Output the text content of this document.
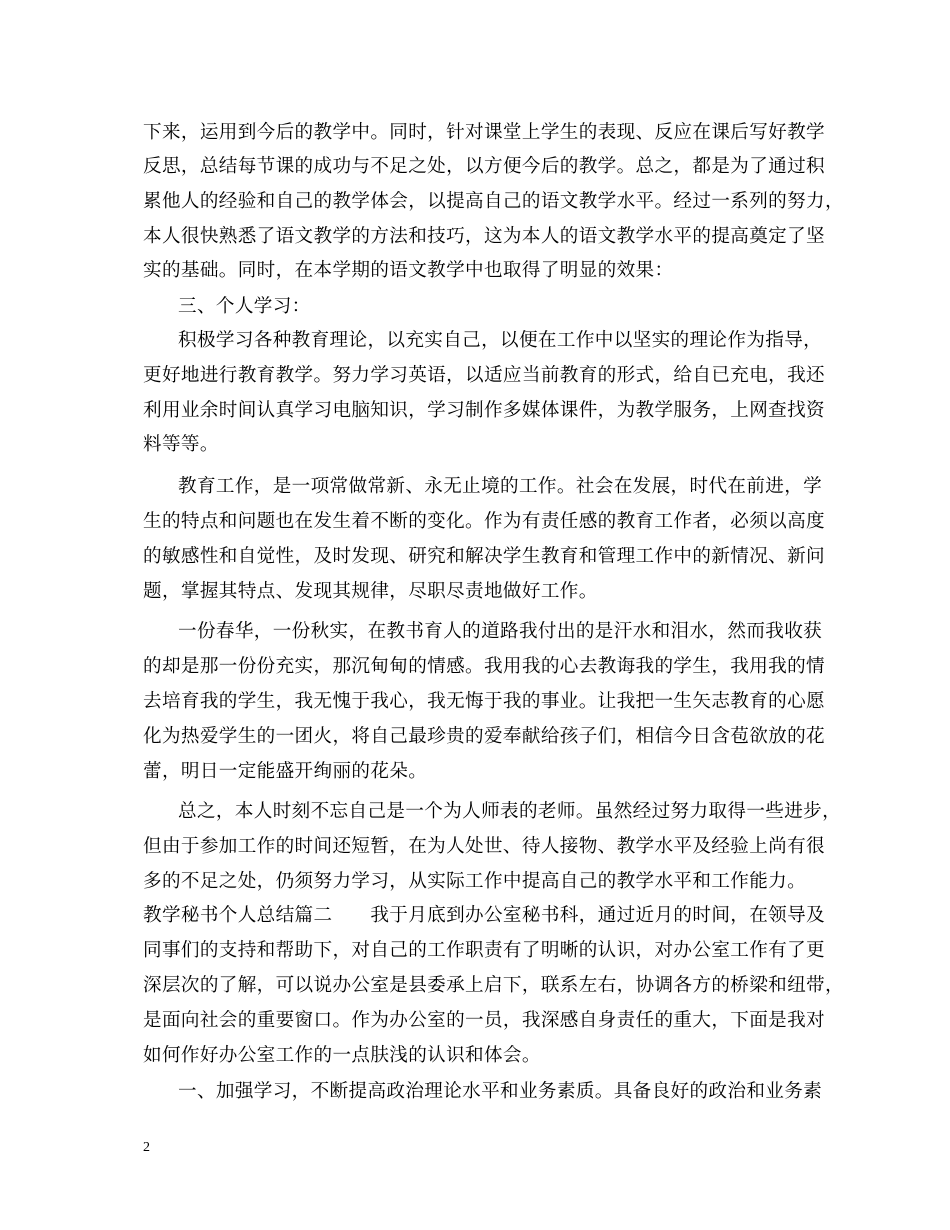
下来，运用到今后的教学中。同时，针对课堂上学生的表现、反应在课后写好教学
反思，总结每节课的成功与不足之处，以方便今后的教学。总之，都是为了通过积
累他人的经验和自己的教学体会，以提高自己的语文教学水平。经过一系列的努力，
本人很快熟悉了语文教学的方法和技巧，这为本人的语文教学水平的提高奠定了坚
实的基础。同时，在本学期的语文教学中也取得了明显的效果：
三、个人学习：
积极学习各种教育理论，以充实自己，以便在工作中以坚实的理论作为指导，
更好地进行教育教学。努力学习英语，以适应当前教育的形式，给自已充电，我还
利用业余时间认真学习电脑知识，学习制作多媒体课件，为教学服务，上网查找资
料等等。
教育工作，是一项常做常新、永无止境的工作。社会在发展，时代在前进，学
生的特点和问题也在发生着不断的变化。作为有责任感的教育工作者，必须以高度
的敏感性和自觉性，及时发现、研究和解决学生教育和管理工作中的新情况、新问
题，掌握其特点、发现其规律，尽职尽责地做好工作。
一份春华，一份秋实，在教书育人的道路我付出的是汗水和泪水，然而我收获
的却是那一份份充实，那沉甸甸的情感。我用我的心去教诲我的学生，我用我的情
去培育我的学生，我无愧于我心，我无悔于我的事业。让我把一生矢志教育的心愿
化为热爱学生的一团火，将自己最珍贵的爱奉献给孩子们，相信今日含苞欲放的花
蕾，明日一定能盛开绚丽的花朵。
总之，本人时刻不忘自己是一个为人师表的老师。虽然经过努力取得一些进步，
但由于参加工作的时间还短暂，在为人处世、待人接物、教学水平及经验上尚有很
多的不足之处，仍须努力学习，从实际工作中提高自己的教学水平和工作能力。
教学秘书个人总结篇二　　我于月底到办公室秘书科，通过近月的时间，在领导及
同事们的支持和帮助下，对自己的工作职责有了明晰的认识，对办公室工作有了更
深层次的了解，可以说办公室是县委承上启下，联系左右，协调各方的桥梁和纽带，
是面向社会的重要窗口。作为办公室的一员，我深感自身责任的重大，下面是我对
如何作好办公室工作的一点肤浅的认识和体会。
一、加强学习，不断提高政治理论水平和业务素质。具备良好的政治和业务素
2
